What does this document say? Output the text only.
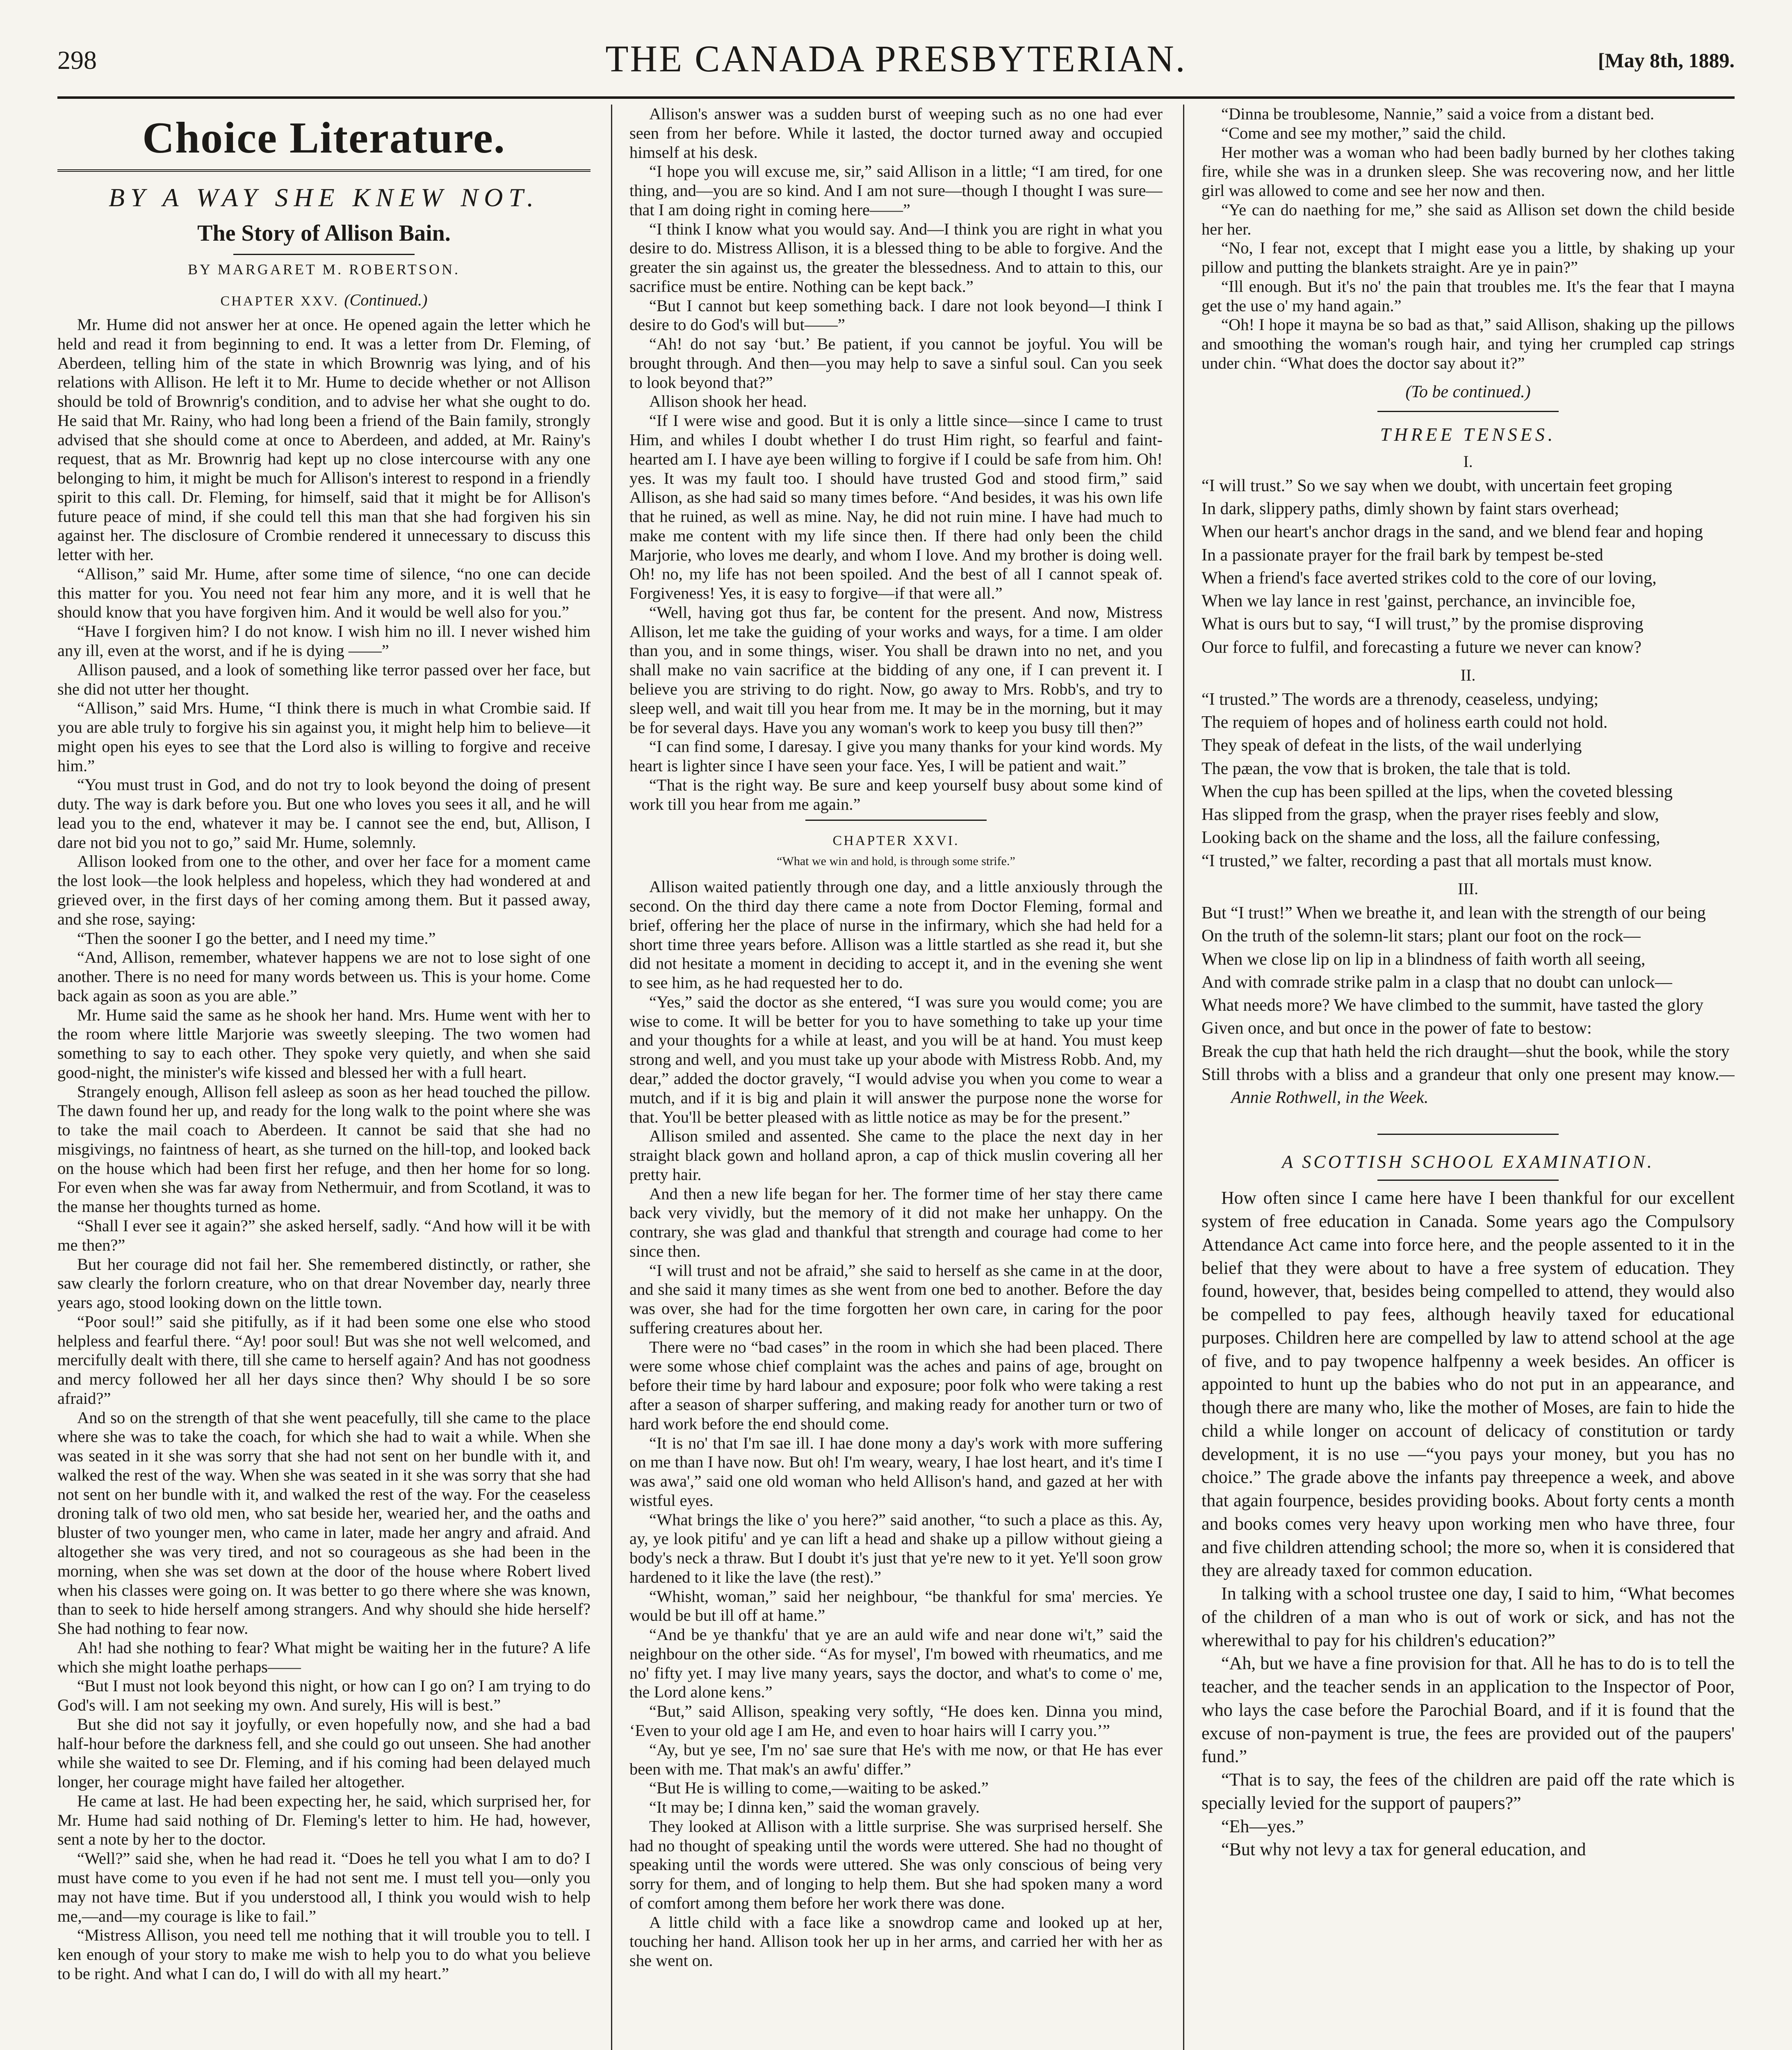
298	THE CANADA PRESBYTERIAN.	[May 8th, 1889.
Choice Literature.
BY A WAY SHE KNEW NOT.
The Story of Allison Bain.
BY MARGARET M. ROBERTSON.
CHAPTER XXV. (Continued.)

Mr. Hume did not answer her at once. He opened again the letter which he held and read it from beginning to end. It was a letter from Dr. Fleming, of Aberdeen, telling him of the state in which Brownrig was lying, and of his relations with Allison. He left it to Mr. Hume to decide whether or not Allison should be told of Brownrig's condition, and to advise her what she ought to do. He said that Mr. Rainy, who had long been a friend of the Bain family, strongly advised that she should come at once to Aberdeen, and added, at Mr. Rainy's request, that as Mr. Brownrig had kept up no close intercourse with any one belonging to him, it might be much for Allison's interest to respond in a friendly spirit to this call. Dr. Fleming, for himself, said that it might be for Allison's future peace of mind, if she could tell this man that she had forgiven his sin against her. The disclosure of Crombie rendered it unnecessary to discuss this letter with her.

“Allison,” said Mr. Hume, after some time of silence, “no one can decide this matter for you. You need not fear him any more, and it is well that he should know that you have forgiven him. And it would be well also for you.”

“Have I forgiven him? I do not know. I wish him no ill. I never wished him any ill, even at the worst, and if he is dying ——”

Allison paused, and a look of something like terror passed over her face, but she did not utter her thought.

“Allison,” said Mrs. Hume, “I think there is much in what Crombie said. If you are able truly to forgive his sin against you, it might help him to believe—it might open his eyes to see that the Lord also is willing to forgive and receive him.”

“You must trust in God, and do not try to look beyond the doing of present duty. The way is dark before you. But one who loves you sees it all, and he will lead you to the end, whatever it may be. I cannot see the end, but, Allison, I dare not bid you not to go,” said Mr. Hume, solemnly.

Allison looked from one to the other, and over her face for a moment came the lost look—the look helpless and hopeless, which they had wondered at and grieved over, in the first days of her coming among them. But it passed away, and she rose, saying:

“Then the sooner I go the better, and I need my time.”

“And, Allison, remember, whatever happens we are not to lose sight of one another. There is no need for many words between us. This is your home. Come back again as soon as you are able.”

Mr. Hume said the same as he shook her hand. Mrs. Hume went with her to the room where little Marjorie was sweetly sleeping. The two women had something to say to each other. They spoke very quietly, and when she said good-night, the minister's wife kissed and blessed her with a full heart.

Strangely enough, Allison fell asleep as soon as her head touched the pillow. The dawn found her up, and ready for the long walk to the point where she was to take the mail coach to Aberdeen. It cannot be said that she had no misgivings, no faintness of heart, as she turned on the hill-top, and looked back on the house which had been first her refuge, and then her home for so long. For even when she was far away from Nethermuir, and from Scotland, it was to the manse her thoughts turned as home.

“Shall I ever see it again?” she asked herself, sadly. “And how will it be with me then?”

But her courage did not fail her. She remembered distinctly, or rather, she saw clearly the forlorn creature, who on that drear November day, nearly three years ago, stood looking down on the little town.

“Poor soul!” said she pitifully, as if it had been some one else who stood helpless and fearful there. “Ay! poor soul! But was she not well welcomed, and mercifully dealt with there, till she came to herself again? And has not goodness and mercy followed her all her days since then? Why should I be so sore afraid?”

And so on the strength of that she went peacefully, till she came to the place where she was to take the coach, for which she had to wait a while. When she was seated in it she was sorry that she had not sent on her bundle with it, and walked the rest of the way. When she was seated in it she was sorry that she had not sent on her bundle with it, and walked the rest of the way. For the ceaseless droning talk of two old men, who sat beside her, wearied her, and the oaths and bluster of two younger men, who came in later, made her angry and afraid. And altogether she was very tired, and not so courageous as she had been in the morning, when she was set down at the door of the house where Robert lived when his classes were going on. It was better to go there where she was known, than to seek to hide herself among strangers. And why should she hide herself? She had nothing to fear now.

Ah! had she nothing to fear? What might be waiting her in the future? A life which she might loathe perhaps——

“But I must not look beyond this night, or how can I go on? I am trying to do God's will. I am not seeking my own. And surely, His will is best.”

But she did not say it joyfully, or even hopefully now, and she had a bad half-hour before the darkness fell, and she could go out unseen. She had another while she waited to see Dr. Fleming, and if his coming had been delayed much longer, her courage might have failed her altogether.

He came at last. He had been expecting her, he said, which surprised her, for Mr. Hume had said nothing of Dr. Fleming's letter to him. He had, however, sent a note by her to the doctor.

“Well?” said she, when he had read it. “Does he tell you what I am to do? I must have come to you even if he had not sent me. I must tell you—only you may not have time. But if you understood all, I think you would wish to help me,—and—my courage is like to fail.”

“Mistress Allison, you need tell me nothing that it will trouble you to tell. I ken enough of your story to make me wish to help you to do what you believe to be right. And what I can do, I will do with all my heart.”

Allison's answer was a sudden burst of weeping such as no one had ever seen from her before. While it lasted, the doctor turned away and occupied himself at his desk.

“I hope you will excuse me, sir,” said Allison in a little; “I am tired, for one thing, and—you are so kind. And I am not sure—though I thought I was sure—that I am doing right in coming here——”

“I think I know what you would say. And—I think you are right in what you desire to do. Mistress Allison, it is a blessed thing to be able to forgive. And the greater the sin against us, the greater the blessedness. And to attain to this, our sacrifice must be entire. Nothing can be kept back.”

“But I cannot but keep something back. I dare not look beyond—I think I desire to do God's will but——”

“Ah! do not say ‘but.’ Be patient, if you cannot be joyful. You will be brought through. And then—you may help to save a sinful soul. Can you seek to look beyond that?”

Allison shook her head.

“If I were wise and good. But it is only a little since—since I came to trust Him, and whiles I doubt whether I do trust Him right, so fearful and faint-hearted am I. I have aye been willing to forgive if I could be safe from him. Oh! yes. It was my fault too. I should have trusted God and stood firm,” said Allison, as she had said so many times before. “And besides, it was his own life that he ruined, as well as mine. Nay, he did not ruin mine. I have had much to make me content with my life since then. If there had only been the child Marjorie, who loves me dearly, and whom I love. And my brother is doing well. Oh! no, my life has not been spoiled. And the best of all I cannot speak of. Forgiveness! Yes, it is easy to forgive—if that were all.”

“Well, having got thus far, be content for the present. And now, Mistress Allison, let me take the guiding of your works and ways, for a time. I am older than you, and in some things, wiser. You shall be drawn into no net, and you shall make no vain sacrifice at the bidding of any one, if I can prevent it. I believe you are striving to do right. Now, go away to Mrs. Robb's, and try to sleep well, and wait till you hear from me. It may be in the morning, but it may be for several days. Have you any woman's work to keep you busy till then?”

“I can find some, I daresay. I give you many thanks for your kind words. My heart is lighter since I have seen your face. Yes, I will be patient and wait.”

“That is the right way. Be sure and keep yourself busy about some kind of work till you hear from me again.”

CHAPTER XXVI.
“What we win and hold, is through some strife.”

Allison waited patiently through one day, and a little anxiously through the second. On the third day there came a note from Doctor Fleming, formal and brief, offering her the place of nurse in the infirmary, which she had held for a short time three years before. Allison was a little startled as she read it, but she did not hesitate a moment in deciding to accept it, and in the evening she went to see him, as he had requested her to do.

“Yes,” said the doctor as she entered, “I was sure you would come; you are wise to come. It will be better for you to have something to take up your time and your thoughts for a while at least, and you will be at hand. You must keep strong and well, and you must take up your abode with Mistress Robb. And, my dear,” added the doctor gravely, “I would advise you when you come to wear a mutch, and if it is big and plain it will answer the purpose none the worse for that. You'll be better pleased with as little notice as may be for the present.”

Allison smiled and assented. She came to the place the next day in her straight black gown and holland apron, a cap of thick muslin covering all her pretty hair.

And then a new life began for her. The former time of her stay there came back very vividly, but the memory of it did not make her unhappy. On the contrary, she was glad and thankful that strength and courage had come to her since then.

“I will trust and not be afraid,” she said to herself as she came in at the door, and she said it many times as she went from one bed to another. Before the day was over, she had for the time forgotten her own care, in caring for the poor suffering creatures about her.

There were no “bad cases” in the room in which she had been placed. There were some whose chief complaint was the aches and pains of age, brought on before their time by hard labour and exposure; poor folk who were taking a rest after a season of sharper suffering, and making ready for another turn or two of hard work before the end should come.

“It is no' that I'm sae ill. I hae done mony a day's work with more suffering on me than I have now. But oh! I'm weary, weary, I hae lost heart, and it's time I was awa',” said one old woman who held Allison's hand, and gazed at her with wistful eyes.

“What brings the like o' you here?” said another, “to such a place as this. Ay, ay, ye look pitifu' and ye can lift a head and shake up a pillow without gieing a body's neck a thraw. But I doubt it's just that ye're new to it yet. Ye'll soon grow hardened to it like the lave (the rest).”

“Whisht, woman,” said her neighbour, “be thankful for sma' mercies. Ye would be but ill off at hame.”

“And be ye thankfu' that ye are an auld wife and near done wi't,” said the neighbour on the other side. “As for mysel', I'm bowed with rheumatics, and me no' fifty yet. I may live many years, says the doctor, and what's to come o' me, the Lord alone kens.”

“But,” said Allison, speaking very softly, “He does ken. Dinna you mind, ‘Even to your old age I am He, and even to hoar hairs will I carry you.’”

“Ay, but ye see, I'm no' sae sure that He's with me now, or that He has ever been with me. That mak's an awfu' differ.”

“But He is willing to come,—waiting to be asked.”

“It may be; I dinna ken,” said the woman gravely.

They looked at Allison with a little surprise. She was surprised herself. She had no thought of speaking until the words were uttered. She had no thought of speaking until the words were uttered. She was only conscious of being very sorry for them, and of longing to help them. But she had spoken many a word of comfort among them before her work there was done.

A little child with a face like a snowdrop came and looked up at her, touching her hand. Allison took her up in her arms, and carried her with her as she went on.

“Dinna be troublesome, Nannie,” said a voice from a distant bed.

“Come and see my mother,” said the child.

Her mother was a woman who had been badly burned by her clothes taking fire, while she was in a drunken sleep. She was recovering now, and her little girl was allowed to come and see her now and then.

“Ye can do naething for me,” she said as Allison set down the child beside her her.

“No, I fear not, except that I might ease you a little, by shaking up your pillow and putting the blankets straight. Are ye in pain?”

“Ill enough. But it's no' the pain that troubles me. It's the fear that I mayna get the use o' my hand again.”

“Oh! I hope it mayna be so bad as that,” said Allison, shaking up the pillows and smoothing the woman's rough hair, and tying her crumpled cap strings under chin. “What does the doctor say about it?”

(To be continued.)
THREE TENSES.
I.

“I will trust.” So we say when we doubt, with uncertain feet groping

In dark, slippery paths, dimly shown by faint stars overhead;

When our heart's anchor drags in the sand, and we blend fear and hoping

In a passionate prayer for the frail bark by tempest be-sted

When a friend's face averted strikes cold to the core of our loving,

When we lay lance in rest 'gainst, perchance, an invincible foe,

What is ours but to say, “I will trust,” by the promise disproving

Our force to fulfil, and forecasting a future we never can know?

II.

“I trusted.” The words are a threnody, ceaseless, undying;

The requiem of hopes and of holiness earth could not hold.

They speak of defeat in the lists, of the wail underlying

The pæan, the vow that is broken, the tale that is told.

When the cup has been spilled at the lips, when the coveted blessing

Has slipped from the grasp, when the prayer rises feebly and slow,

Looking back on the shame and the loss, all the failure confessing,

“I trusted,” we falter, recording a past that all mortals must know.

III.

But “I trust!” When we breathe it, and lean with the strength of our being

On the truth of the solemn-lit stars; plant our foot on the rock—

When we close lip on lip in a blindness of faith worth all seeing,

And with comrade strike palm in a clasp that no doubt can unlock—

What needs more? We have climbed to the summit, have tasted the glory

Given once, and but once in the power of fate to bestow:

Break the cup that hath held the rich draught—shut the book, while the story

Still throbs with a bliss and a grandeur that only one present may know.—Annie Rothwell, in the Week.

A SCOTTISH SCHOOL EXAMINATION.

How often since I came here have I been thankful for our excellent system of free education in Canada. Some years ago the Compulsory Attendance Act came into force here, and the people assented to it in the belief that they were about to have a free system of education. They found, however, that, besides being compelled to attend, they would also be compelled to pay fees, although heavily taxed for educational purposes. Children here are compelled by law to attend school at the age of five, and to pay twopence halfpenny a week besides. An officer is appointed to hunt up the babies who do not put in an appearance, and though there are many who, like the mother of Moses, are fain to hide the child a while longer on account of delicacy of constitution or tardy development, it is no use —“you pays your money, but you has no choice.” The grade above the infants pay threepence a week, and above that again fourpence, besides providing books. About forty cents a month and books comes very heavy upon working men who have three, four and five children attending school; the more so, when it is considered that they are already taxed for common education.

In talking with a school trustee one day, I said to him, “What becomes of the children of a man who is out of work or sick, and has not the wherewithal to pay for his children's education?”

“Ah, but we have a fine provision for that. All he has to do is to tell the teacher, and the teacher sends in an application to the Inspector of Poor, who lays the case before the Parochial Board, and if it is found that the excuse of non-payment is true, the fees are provided out of the paupers' fund.”

“That is to say, the fees of the children are paid off the rate which is specially levied for the support of paupers?”

“Eh—yes.”

“But why not levy a tax for general education, and
